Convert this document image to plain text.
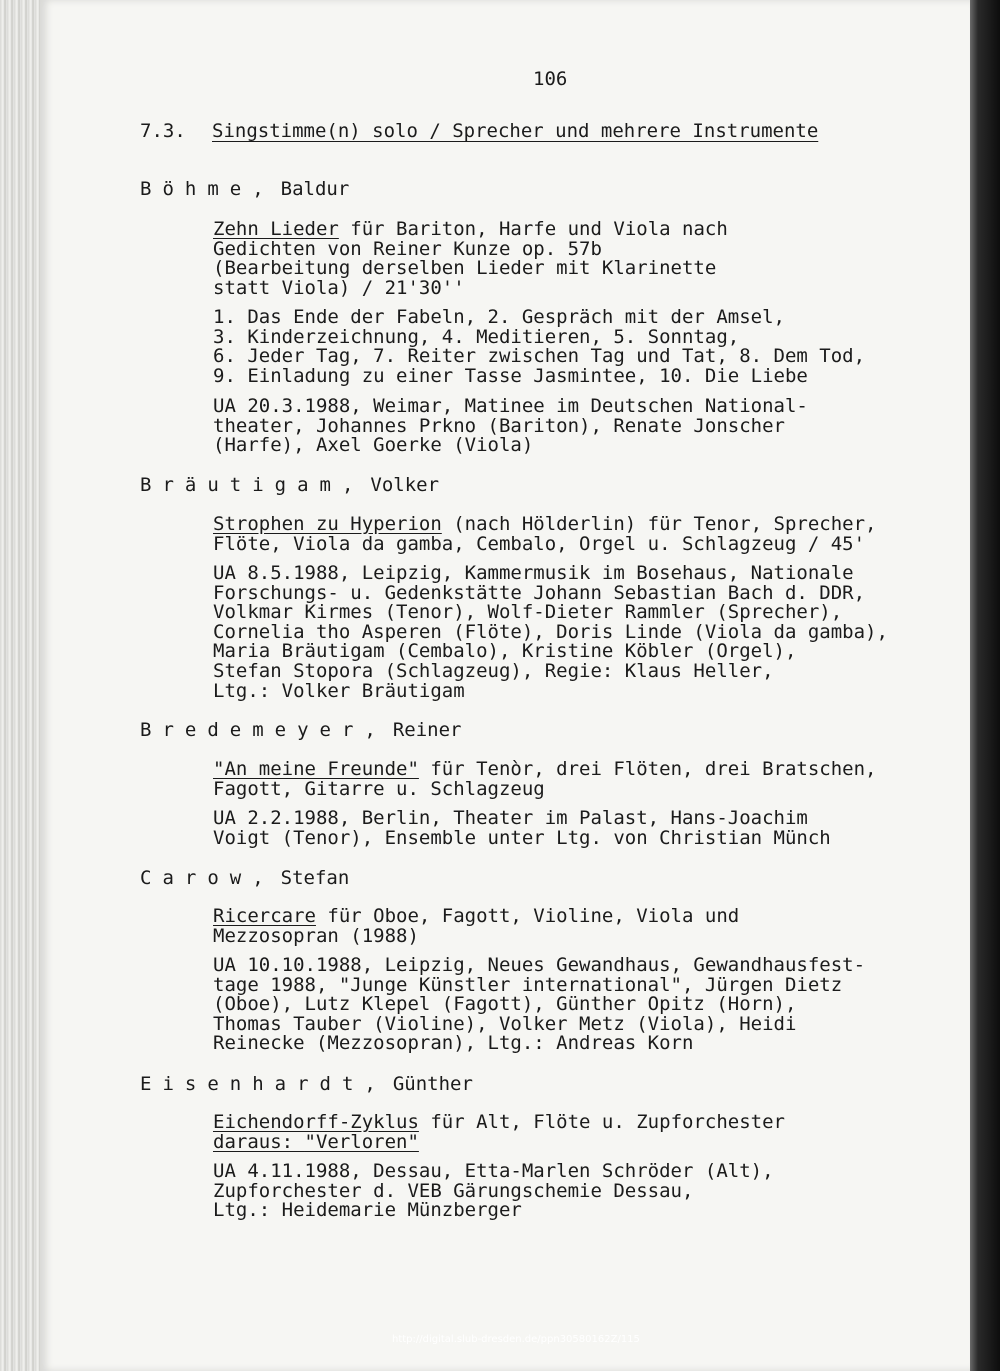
106
7.3. Singstimme(n) solo / Sprecher und mehrere Instrumente
Böhme, Baldur
Zehn Lieder für Bariton, Harfe und Viola nach
Gedichten von Reiner Kunze op. 57b
(Bearbeitung derselben Lieder mit Klarinette
statt Viola) / 21'30''
1. Das Ende der Fabeln, 2. Gespräch mit der Amsel,
3. Kinderzeichnung, 4. Meditieren, 5. Sonntag,
6. Jeder Tag, 7. Reiter zwischen Tag und Tat, 8. Dem Tod,
9. Einladung zu einer Tasse Jasmintee, 10. Die Liebe
UA 20.3.1988, Weimar, Matinee im Deutschen National-
theater, Johannes Prkno (Bariton), Renate Jonscher
(Harfe), Axel Goerke (Viola)
Bräutigam, Volker
Strophen zu Hyperion (nach Hölderlin) für Tenor, Sprecher,
Flöte, Viola da gamba, Cembalo, Orgel u. Schlagzeug / 45'
UA 8.5.1988, Leipzig, Kammermusik im Bosehaus, Nationale
Forschungs- u. Gedenkstätte Johann Sebastian Bach d. DDR,
Volkmar Kirmes (Tenor), Wolf-Dieter Rammler (Sprecher),
Cornelia tho Asperen (Flöte), Doris Linde (Viola da gamba),
Maria Bräutigam (Cembalo), Kristine Köbler (Orgel),
Stefan Stopora (Schlagzeug), Regie: Klaus Heller,
Ltg.: Volker Bräutigam
Bredemeyer, Reiner
"An meine Freunde" für Tenòr, drei Flöten, drei Bratschen,
Fagott, Gitarre u. Schlagzeug
UA 2.2.1988, Berlin, Theater im Palast, Hans-Joachim
Voigt (Tenor), Ensemble unter Ltg. von Christian Münch
Carow, Stefan
Ricercare für Oboe, Fagott, Violine, Viola und
Mezzosopran (1988)
UA 10.10.1988, Leipzig, Neues Gewandhaus, Gewandhausfest-
tage 1988, "Junge Künstler international", Jürgen Dietz
(Oboe), Lutz Klepel (Fagott), Günther Opitz (Horn),
Thomas Tauber (Violine), Volker Metz (Viola), Heidi
Reinecke (Mezzosopran), Ltg.: Andreas Korn
Eisenhardt, Günther
Eichendorff-Zyklus für Alt, Flöte u. Zupforchester
daraus: "Verloren"
UA 4.11.1988, Dessau, Etta-Marlen Schröder (Alt),
Zupforchester d. VEB Gärungschemie Dessau,
Ltg.: Heidemarie Münzberger
http://digital.slub-dresden.de/ppn30580162Z/115
